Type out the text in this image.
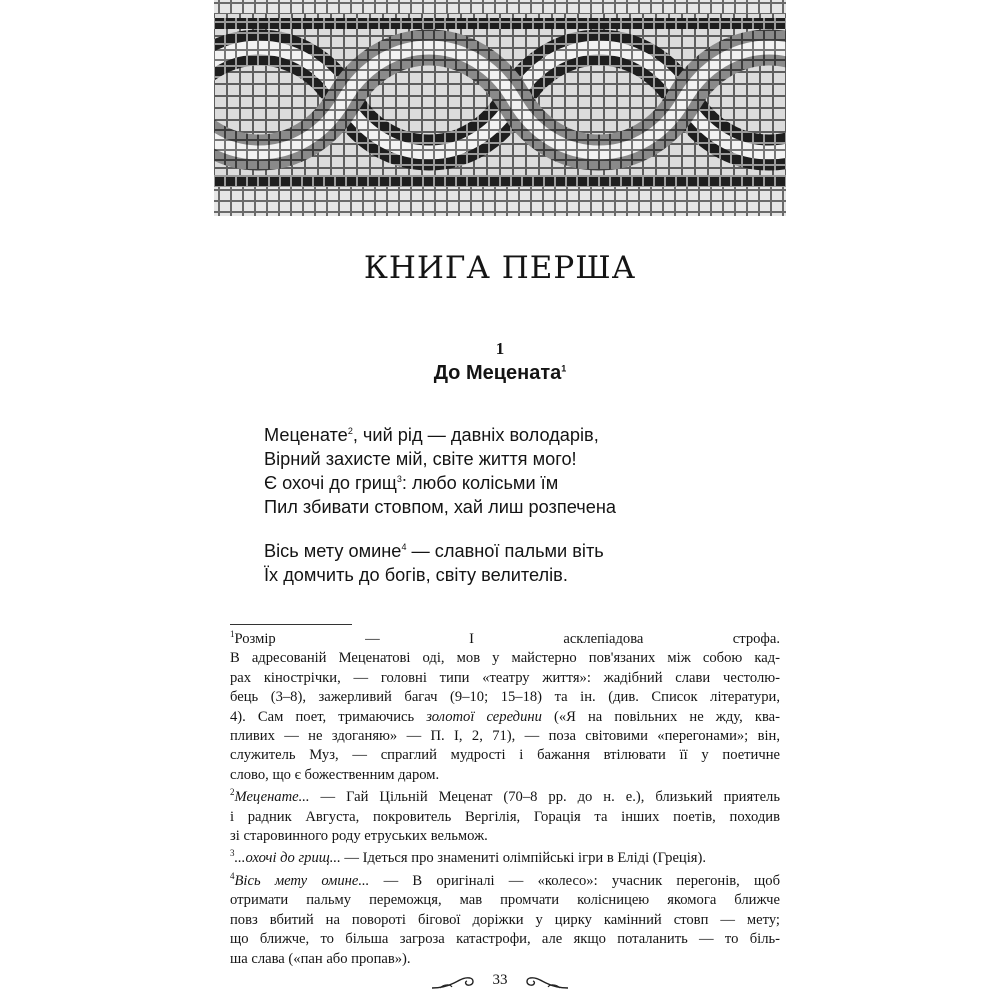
КНИГА ПЕРША
1
До Мецената$^1$
Меценате$^2$, чий рід — давніх володарів,
Вірний захисте мій, світе життя мого!
Є охочі до грищ$^3$: любо колісьми їм
Пил збивати стовпом, хай лиш розпечена
Вісь мету омине$^4$ — славної пальми віть
Їх домчить до богів, світу велителів.
$^1$Розмір — І асклепіадова строфа.
В адресованій Меценатові оді, мов у майстерно пов'язаних між собою кад-
рах кінострічки, — головні типи «театру життя»: жадібний слави честолю-
бець (3–8), зажерливий багач (9–10; 15–18) та ін. (див. Список літератури,
4). Сам поет, тримаючись золотої середини («Я на повільних не жду, ква-
пливих — не здоганяю» — П. І, 2, 71), — поза світовими «перегонами»; він,
служитель Муз, — спраглий мудрості і бажання втілювати її у поетичне
слово, що є божественним даром.
$^2$Меценате... — Гай Цільній Меценат (70–8 рр. до н. е.), близький приятель
і радник Августа, покровитель Вергілія, Горація та інших поетів, походив
зі старовинного роду етруських вельмож.
$^3$...охочі до грищ... — Ідеться про знамениті олімпійські ігри в Еліді (Греція).
$^4$Вісь мету омине... — В оригіналі — «колесо»: учасник перегонів, щоб
отримати пальму переможця, мав промчати колісницею якомога ближче
повз вбитий на повороті бігової доріжки у цирку камінний стовп — мету;
що ближче, то більша загроза катастрофи, але якщо поталанить — то біль-
ша слава («пан або пропав»).
33
